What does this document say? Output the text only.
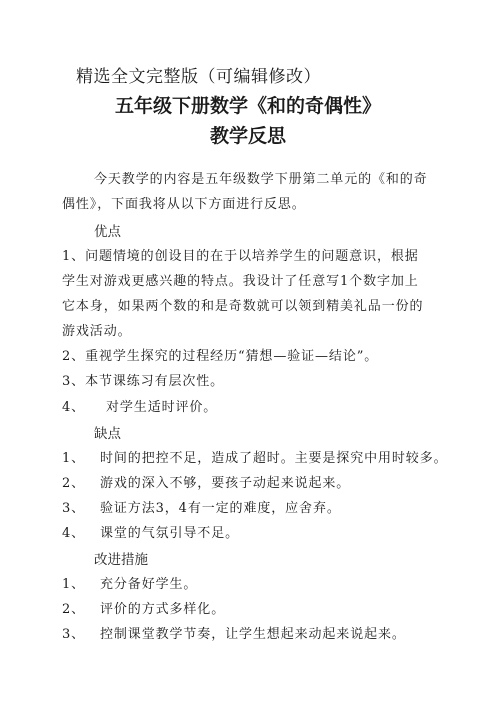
精选全文完整版（可编辑修改）
五年级下册数学《和的奇偶性》
教学反思
今天教学的内容是五年级数学下册第二单元的《和的奇
偶性》，下面我将从以下方面进行反思。
优点
1、问题情境的创设目的在于以培养学生的问题意识，根据
学生对游戏更感兴趣的特点。我设计了任意写1个数字加上
它本身，如果两个数的和是奇数就可以领到精美礼品一份的
游戏活动。
2、重视学生探究的过程经历“猜想—验证—结论”。
3、本节课练习有层次性。
4、 对学生适时评价。
缺点
1、 时间的把控不足，造成了超时。主要是探究中用时较多。
2、 游戏的深入不够，要孩子动起来说起来。
3、 验证方法3，4有一定的难度，应舍弃。
4、 课堂的气氛引导不足。
改进措施
1、 充分备好学生。
2、 评价的方式多样化。
3、 控制课堂教学节奏，让学生想起来动起来说起来。
